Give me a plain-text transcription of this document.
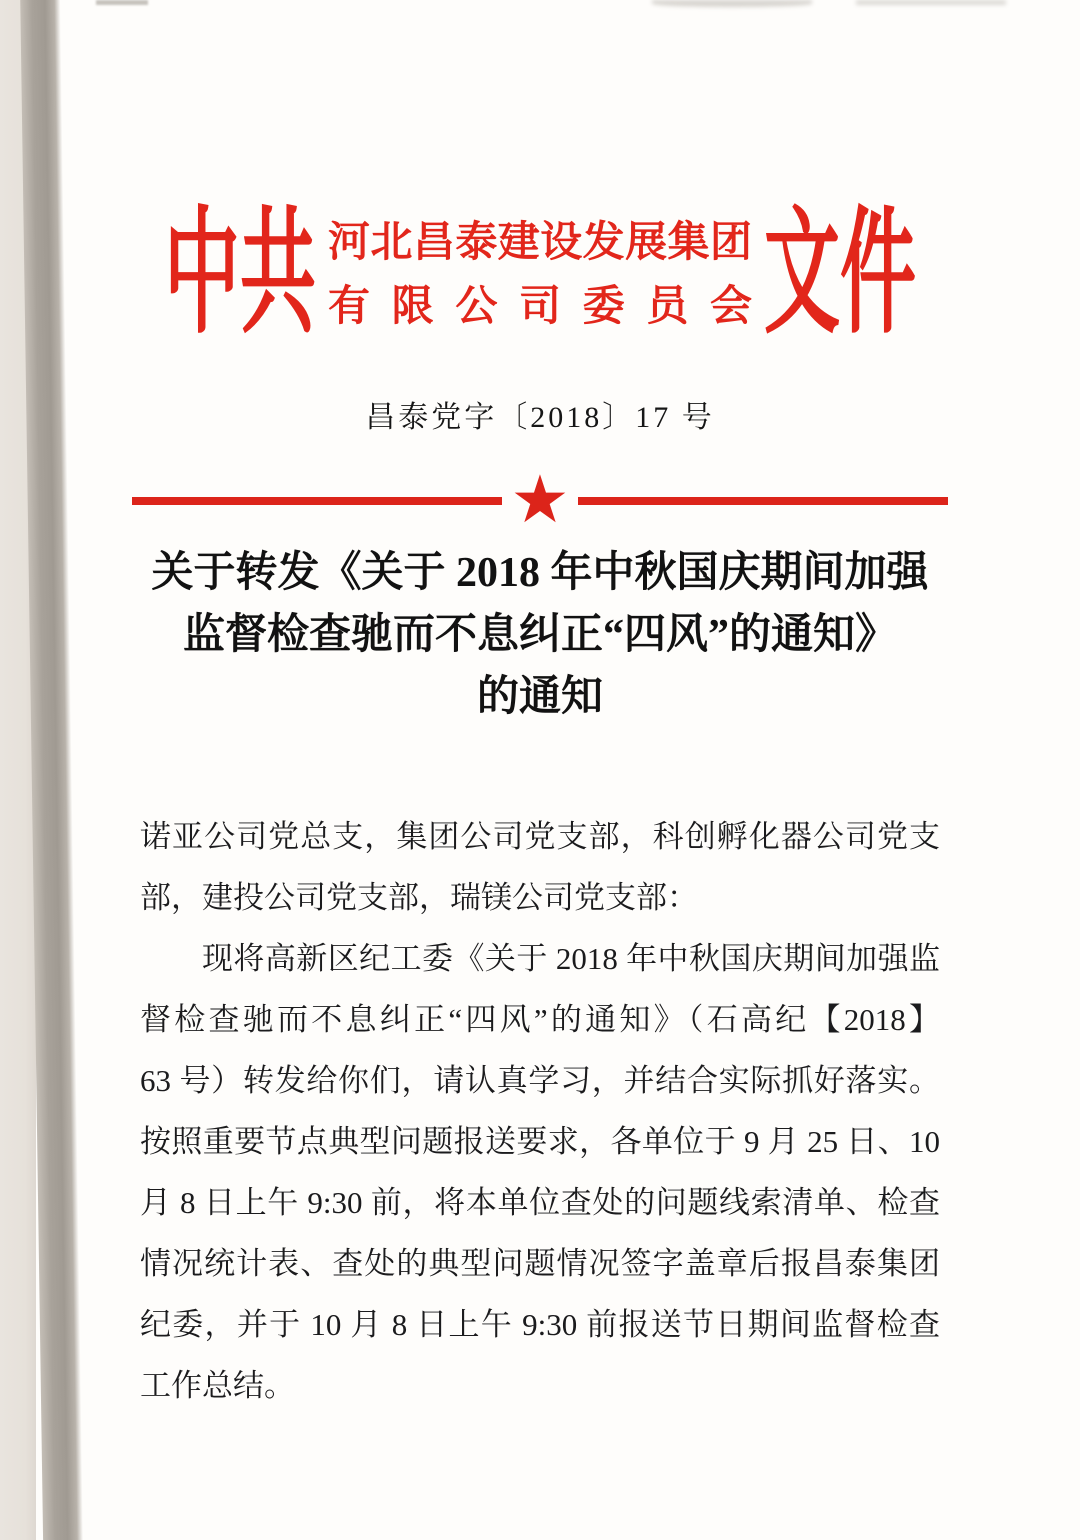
中共 河北昌泰建设发展集团
有限公司委员会 文件
昌泰党字〔2018〕17 号
★
关于转发《关于 2018 年中秋国庆期间加强
监督检查驰而不息纠正“四风”的通知》
的通知
诺亚公司党总支，集团公司党支部，科创孵化器公司党支
部，建投公司党支部，瑞镁公司党支部：
现将高新区纪工委《关于 2018 年中秋国庆期间加强监
督检查驰而不息纠正“四风”的通知》（石高纪【2018】
63 号）转发给你们，请认真学习，并结合实际抓好落实。
按照重要节点典型问题报送要求，各单位于 9 月 25 日、10
月 8 日上午 9:30 前，将本单位查处的问题线索清单、检查
情况统计表、查处的典型问题情况签字盖章后报昌泰集团
纪委，并于 10 月 8 日上午 9:30 前报送节日期间监督检查
工作总结。
